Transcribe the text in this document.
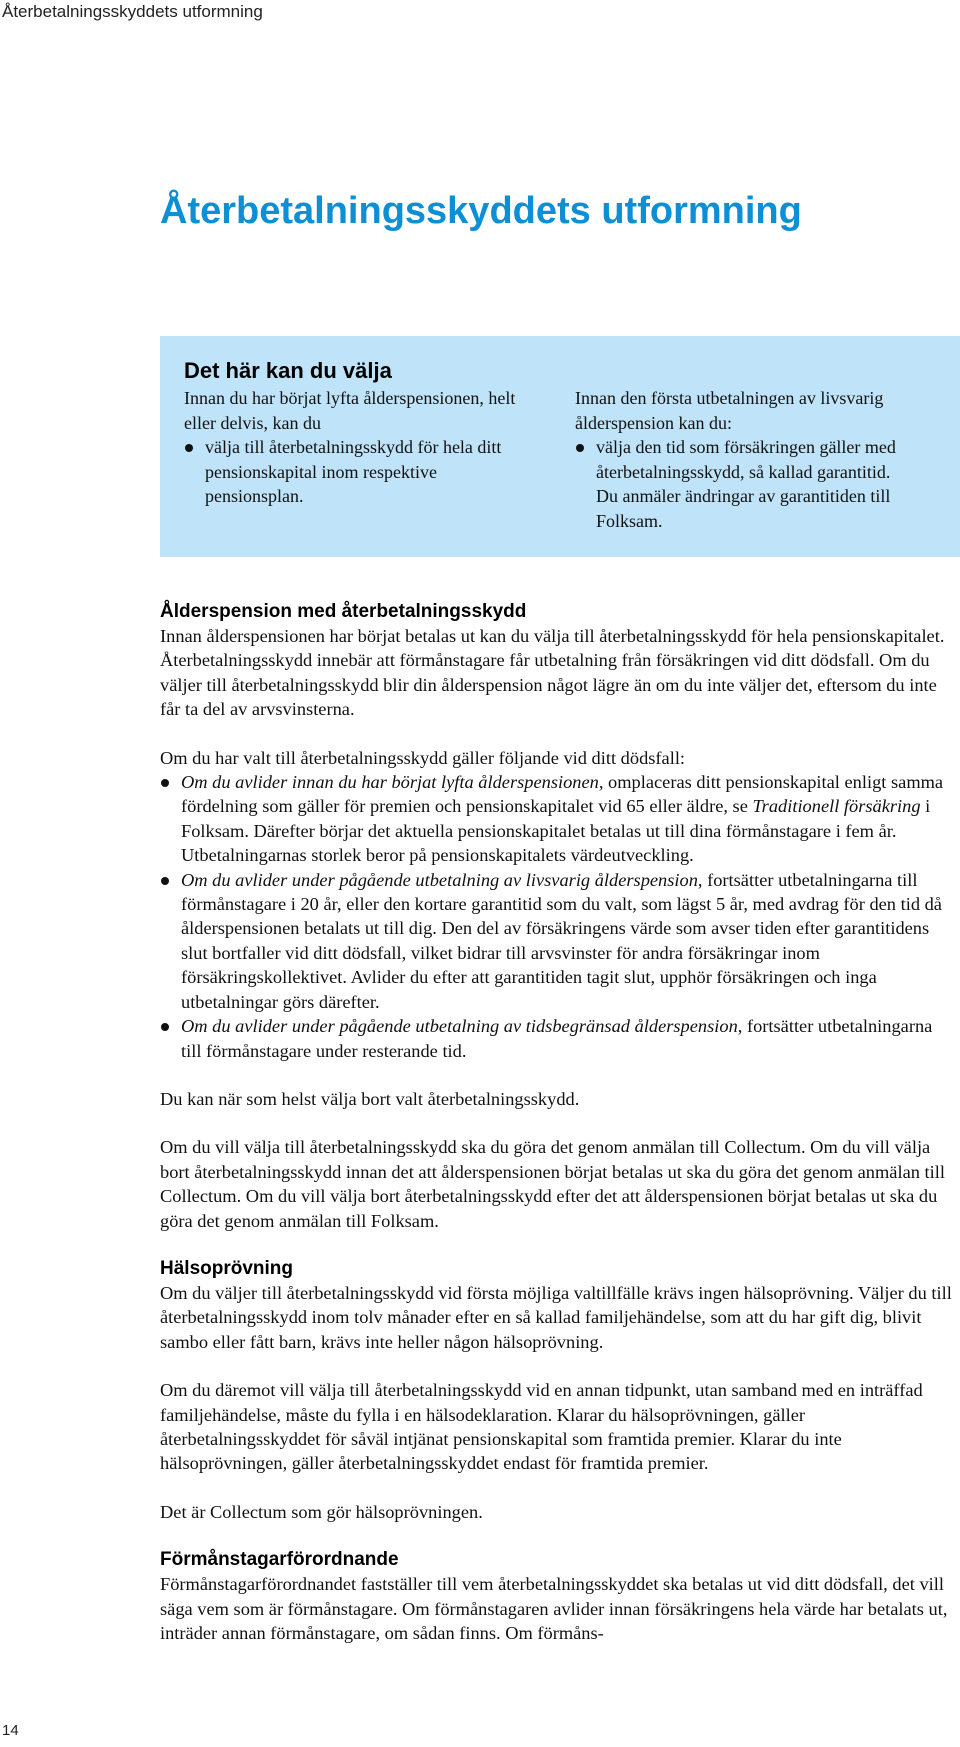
Återbetalningsskyddets utformning
Återbetalningsskyddets utformning
Det här kan du välja

Innan du har börjat lyfta ålderspensionen, helt eller delvis, kan du

välja till återbetalningsskydd för hela ditt pensionskapital inom respektive pensionsplan.

Innan den första utbetalningen av livsvarig ålderspension kan du:

välja den tid som försäkringen gäller med återbetalningsskydd, så kallad garantitid. Du anmäler ändringar av garantitiden till Folksam.
Ålderspension med återbetalningsskydd

Innan ålderspensionen har börjat betalas ut kan du välja till återbetalningsskydd för hela pensionskapitalet. Återbetalningsskydd innebär att förmånstagare får utbetalning från försäkringen vid ditt dödsfall. Om du väljer till återbetalningsskydd blir din ålderspension något lägre än om du inte väljer det, eftersom du inte får ta del av arvsvinsterna.

Om du har valt till återbetalningsskydd gäller följande vid ditt dödsfall:

Om du avlider innan du har börjat lyfta ålderspensionen, omplaceras ditt pensionskapital enligt samma fördelning som gäller för premien och pensionskapitalet vid 65 eller äldre, se Traditionell försäkring i Folksam. Därefter börjar det aktuella pensionskapitalet betalas ut till dina förmånstagare i fem år. Utbetalningarnas storlek beror på pensionskapitalets värdeutveckling.
Om du avlider under pågående utbetalning av livsvarig ålderspension, fortsätter utbetalningarna till förmånstagare i 20 år, eller den kortare garantitid som du valt, som lägst 5 år, med avdrag för den tid då ålderspensionen betalats ut till dig. Den del av försäkringens värde som avser tiden efter garantitidens slut bortfaller vid ditt dödsfall, vilket bidrar till arvsvinster för andra försäkringar inom försäkringskollektivet. Avlider du efter att garantitiden tagit slut, upphör försäkringen och inga utbetalningar görs därefter.
Om du avlider under pågående utbetalning av tidsbegränsad ålderspension, fortsätter utbetalningarna till förmånstagare under resterande tid.

Du kan när som helst välja bort valt återbetalningsskydd.

Om du vill välja till återbetalningsskydd ska du göra det genom anmälan till Collectum. Om du vill välja bort återbetalningsskydd innan det att ålderspensionen börjat betalas ut ska du göra det genom anmälan till Collectum. Om du vill välja bort återbetalningsskydd efter det att ålderspensionen börjat betalas ut ska du göra det genom anmälan till Folksam.

Hälsoprövning

Om du väljer till återbetalningsskydd vid första möjliga valtillfälle krävs ingen hälsoprövning. Väljer du till återbetalningsskydd inom tolv månader efter en så kallad familjehändelse, som att du har gift dig, blivit sambo eller fått barn, krävs inte heller någon hälsoprövning.

Om du däremot vill välja till återbetalningsskydd vid en annan tidpunkt, utan samband med en inträffad familjehändelse, måste du fylla i en hälsodeklaration. Klarar du hälsoprövningen, gäller återbetalningsskyddet för såväl intjänat pensionskapital som framtida premier. Klarar du inte hälsoprövningen, gäller återbetalningsskyddet endast för framtida premier.

Det är Collectum som gör hälsoprövningen.

Förmånstagarförordnande

Förmånstagarförordnandet fastställer till vem återbetalningsskyddet ska betalas ut vid ditt dödsfall, det vill säga vem som är förmånstagare. Om förmånstagaren avlider innan försäkringens hela värde har betalats ut, inträder annan förmånstagare, om sådan finns. Om förmåns-

14
